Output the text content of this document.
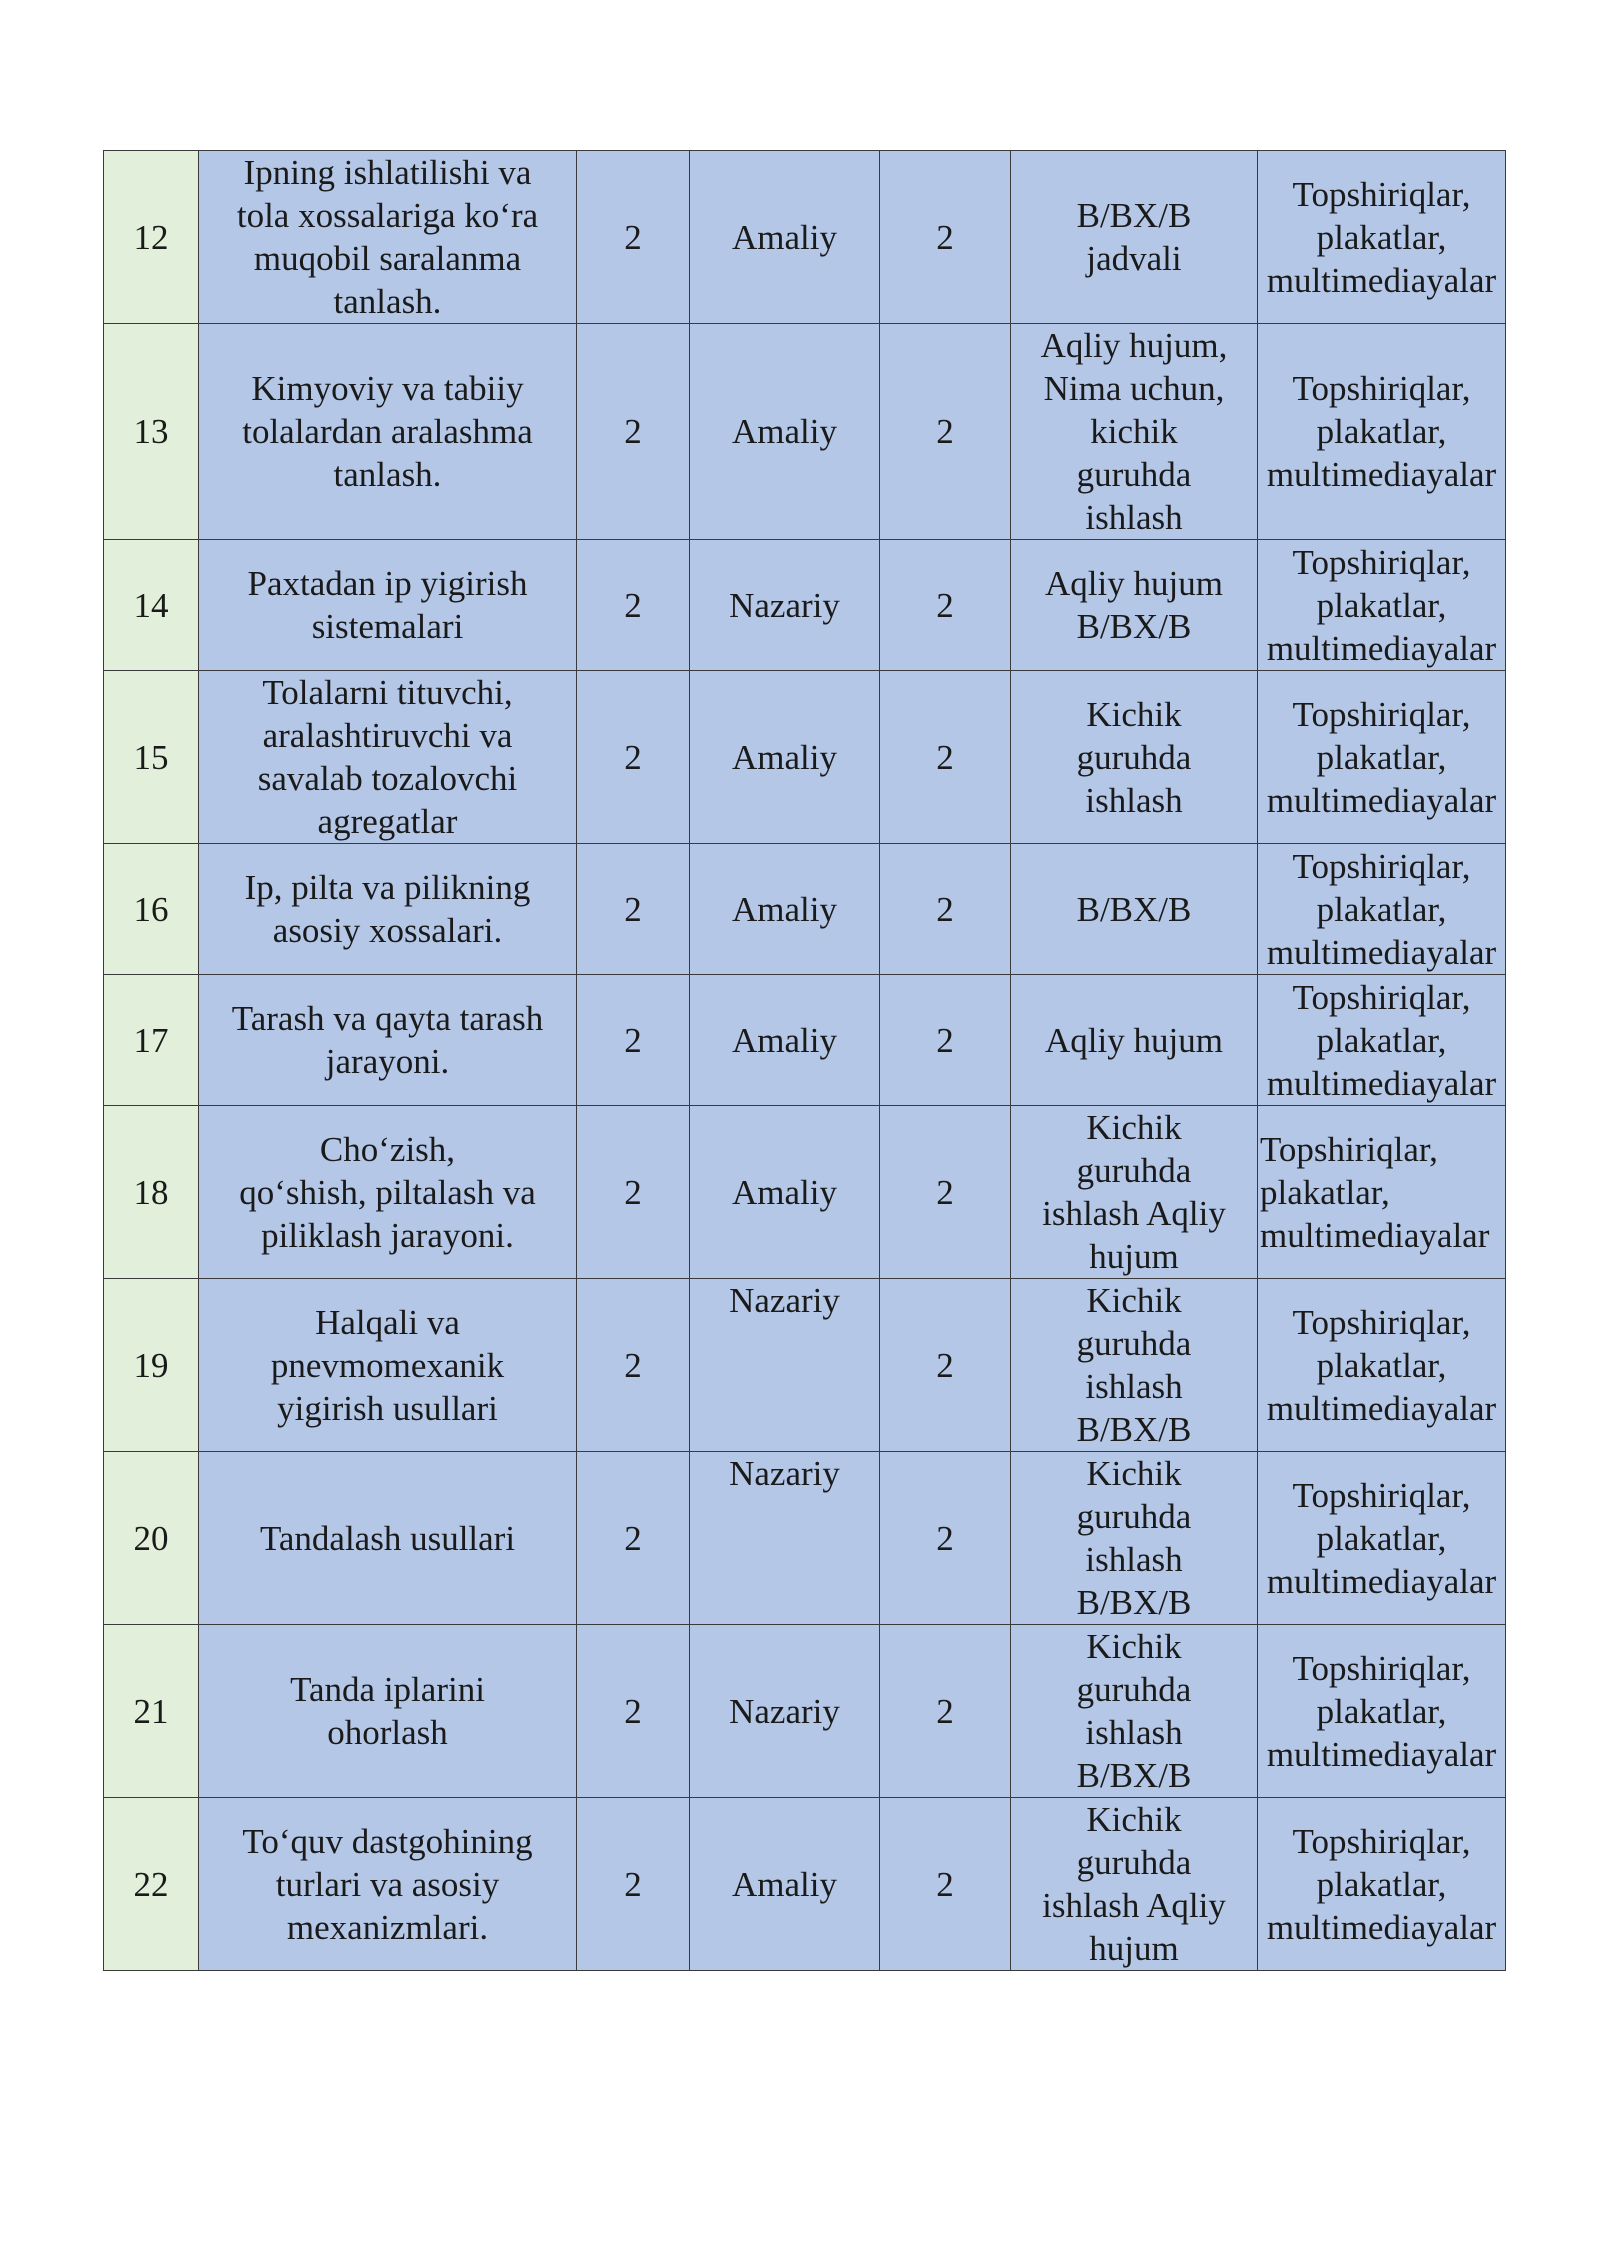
12	Ipning ishlatilishi va
tola xossalariga ko‘ra
muqobil saralanma
tanlash.	2	Amaliy	2	B/BX/B
jadvali	Topshiriqlar,
plakatlar,
multimediayalar

13	Kimyoviy va tabiiy
tolalardan aralashma
tanlash.	2	Amaliy	2	Aqliy hujum,
Nima uchun,
kichik
guruhda
ishlash	Topshiriqlar,
plakatlar,
multimediayalar

14	Paxtadan ip yigirish
sistemalari	2	Nazariy	2	Aqliy hujum
B/BX/B	Topshiriqlar,
plakatlar,
multimediayalar

15	Tolalarni tituvchi,
aralashtiruvchi va
savalab tozalovchi
agregatlar	2	Amaliy	2	Kichik
guruhda
ishlash	Topshiriqlar,
plakatlar,
multimediayalar

16	Ip, pilta va pilikning
asosiy xossalari.	2	Amaliy	2	B/BX/B	Topshiriqlar,
plakatlar,
multimediayalar

17	Tarash va qayta tarash
jarayoni.	2	Amaliy	2	Aqliy hujum	Topshiriqlar,
plakatlar,
multimediayalar

18	Cho‘zish,
qo‘shish, piltalash va
piliklash jarayoni.	2	Amaliy	2	Kichik
guruhda
ishlash Aqliy
hujum	Topshiriqlar,
plakatlar,
multimediayalar

19	Halqali va
pnevmomexanik
yigirish usullari	2	Nazariy	2	Kichik
guruhda
ishlash
B/BX/B	Topshiriqlar,
plakatlar,
multimediayalar

20	Tandalash usullari	2	Nazariy	2	Kichik
guruhda
ishlash
B/BX/B	Topshiriqlar,
plakatlar,
multimediayalar

21	Tanda iplarini
ohorlash	2	Nazariy	2	Kichik
guruhda
ishlash
B/BX/B	Topshiriqlar,
plakatlar,
multimediayalar

22	To‘quv dastgohining
turlari va asosiy
mexanizmlari.	2	Amaliy	2	Kichik
guruhda
ishlash Aqliy
hujum	Topshiriqlar,
plakatlar,
multimediayalar
